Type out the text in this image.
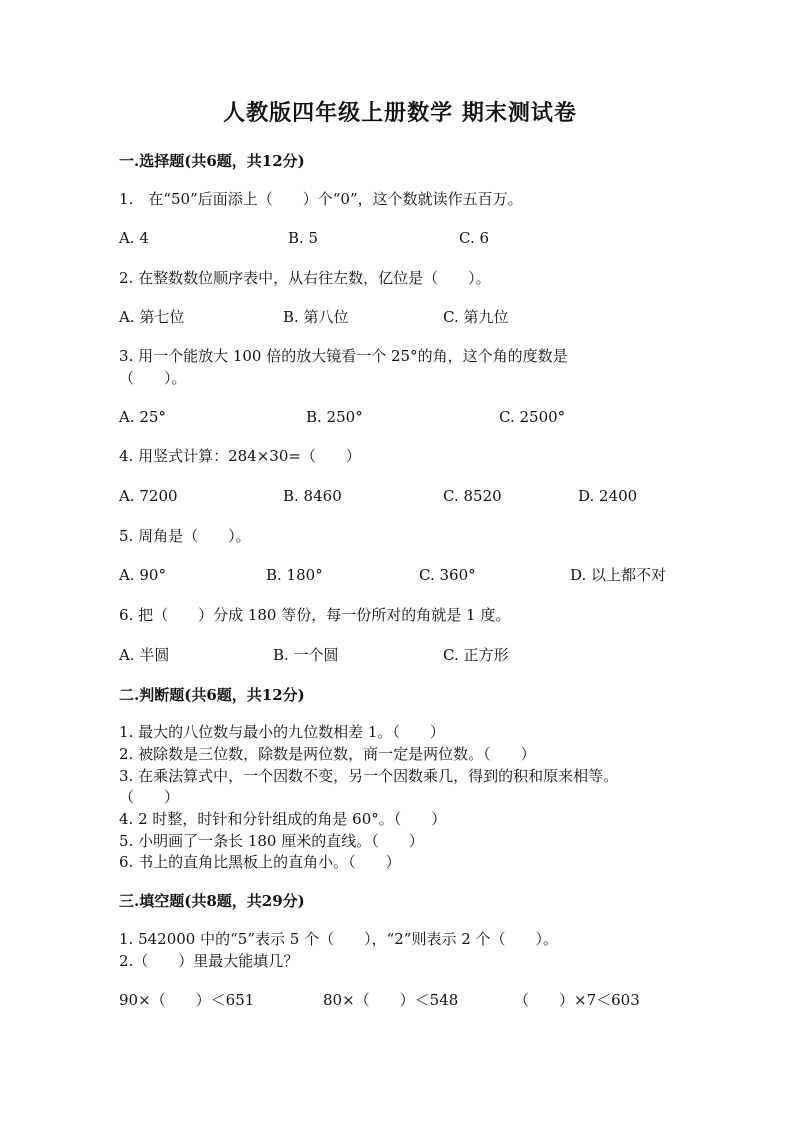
人教版四年级上册数学 期末测试卷
一.选择题(共6题，共12分)
1.　在“50”后面添上（　　）个“0”，这个数就读作五百万。
A. 4	B. 5	C. 6
2. 在整数数位顺序表中，从右往左数，亿位是（　　）。
A. 第七位	B. 第八位	C. 第九位
3. 用一个能放大 100 倍的放大镜看一个 25°的角，这个角的度数是
（　　）。
A. 25°	B. 250°	C. 2500°
4. 用竖式计算：284×30=（　　）
A. 7200	B. 8460	C. 8520	D. 2400
5. 周角是（　　）。
A. 90°	B. 180°	C. 360°	D. 以上都不对
6. 把（　　）分成 180 等份，每一份所对的角就是 1 度。
A. 半圆	B. 一个圆	C. 正方形
二.判断题(共6题，共12分)
1. 最大的八位数与最小的九位数相差 1。（　　）
2. 被除数是三位数，除数是两位数，商一定是两位数。（　　）
3. 在乘法算式中，一个因数不变，另一个因数乘几，得到的积和原来相等。
（　　）
4. 2 时整，时针和分针组成的角是 60°。（　　）
5. 小明画了一条长 180 厘米的直线。（　　）
6. 书上的直角比黑板上的直角小。（　　）
三.填空题(共8题，共29分)
1. 542000 中的“5”表示 5 个（　　），“2”则表示 2 个（　　）。
2.（　　）里最大能填几？
90×（　　）＜651	80×（　　）＜548	（　　）×7＜603
